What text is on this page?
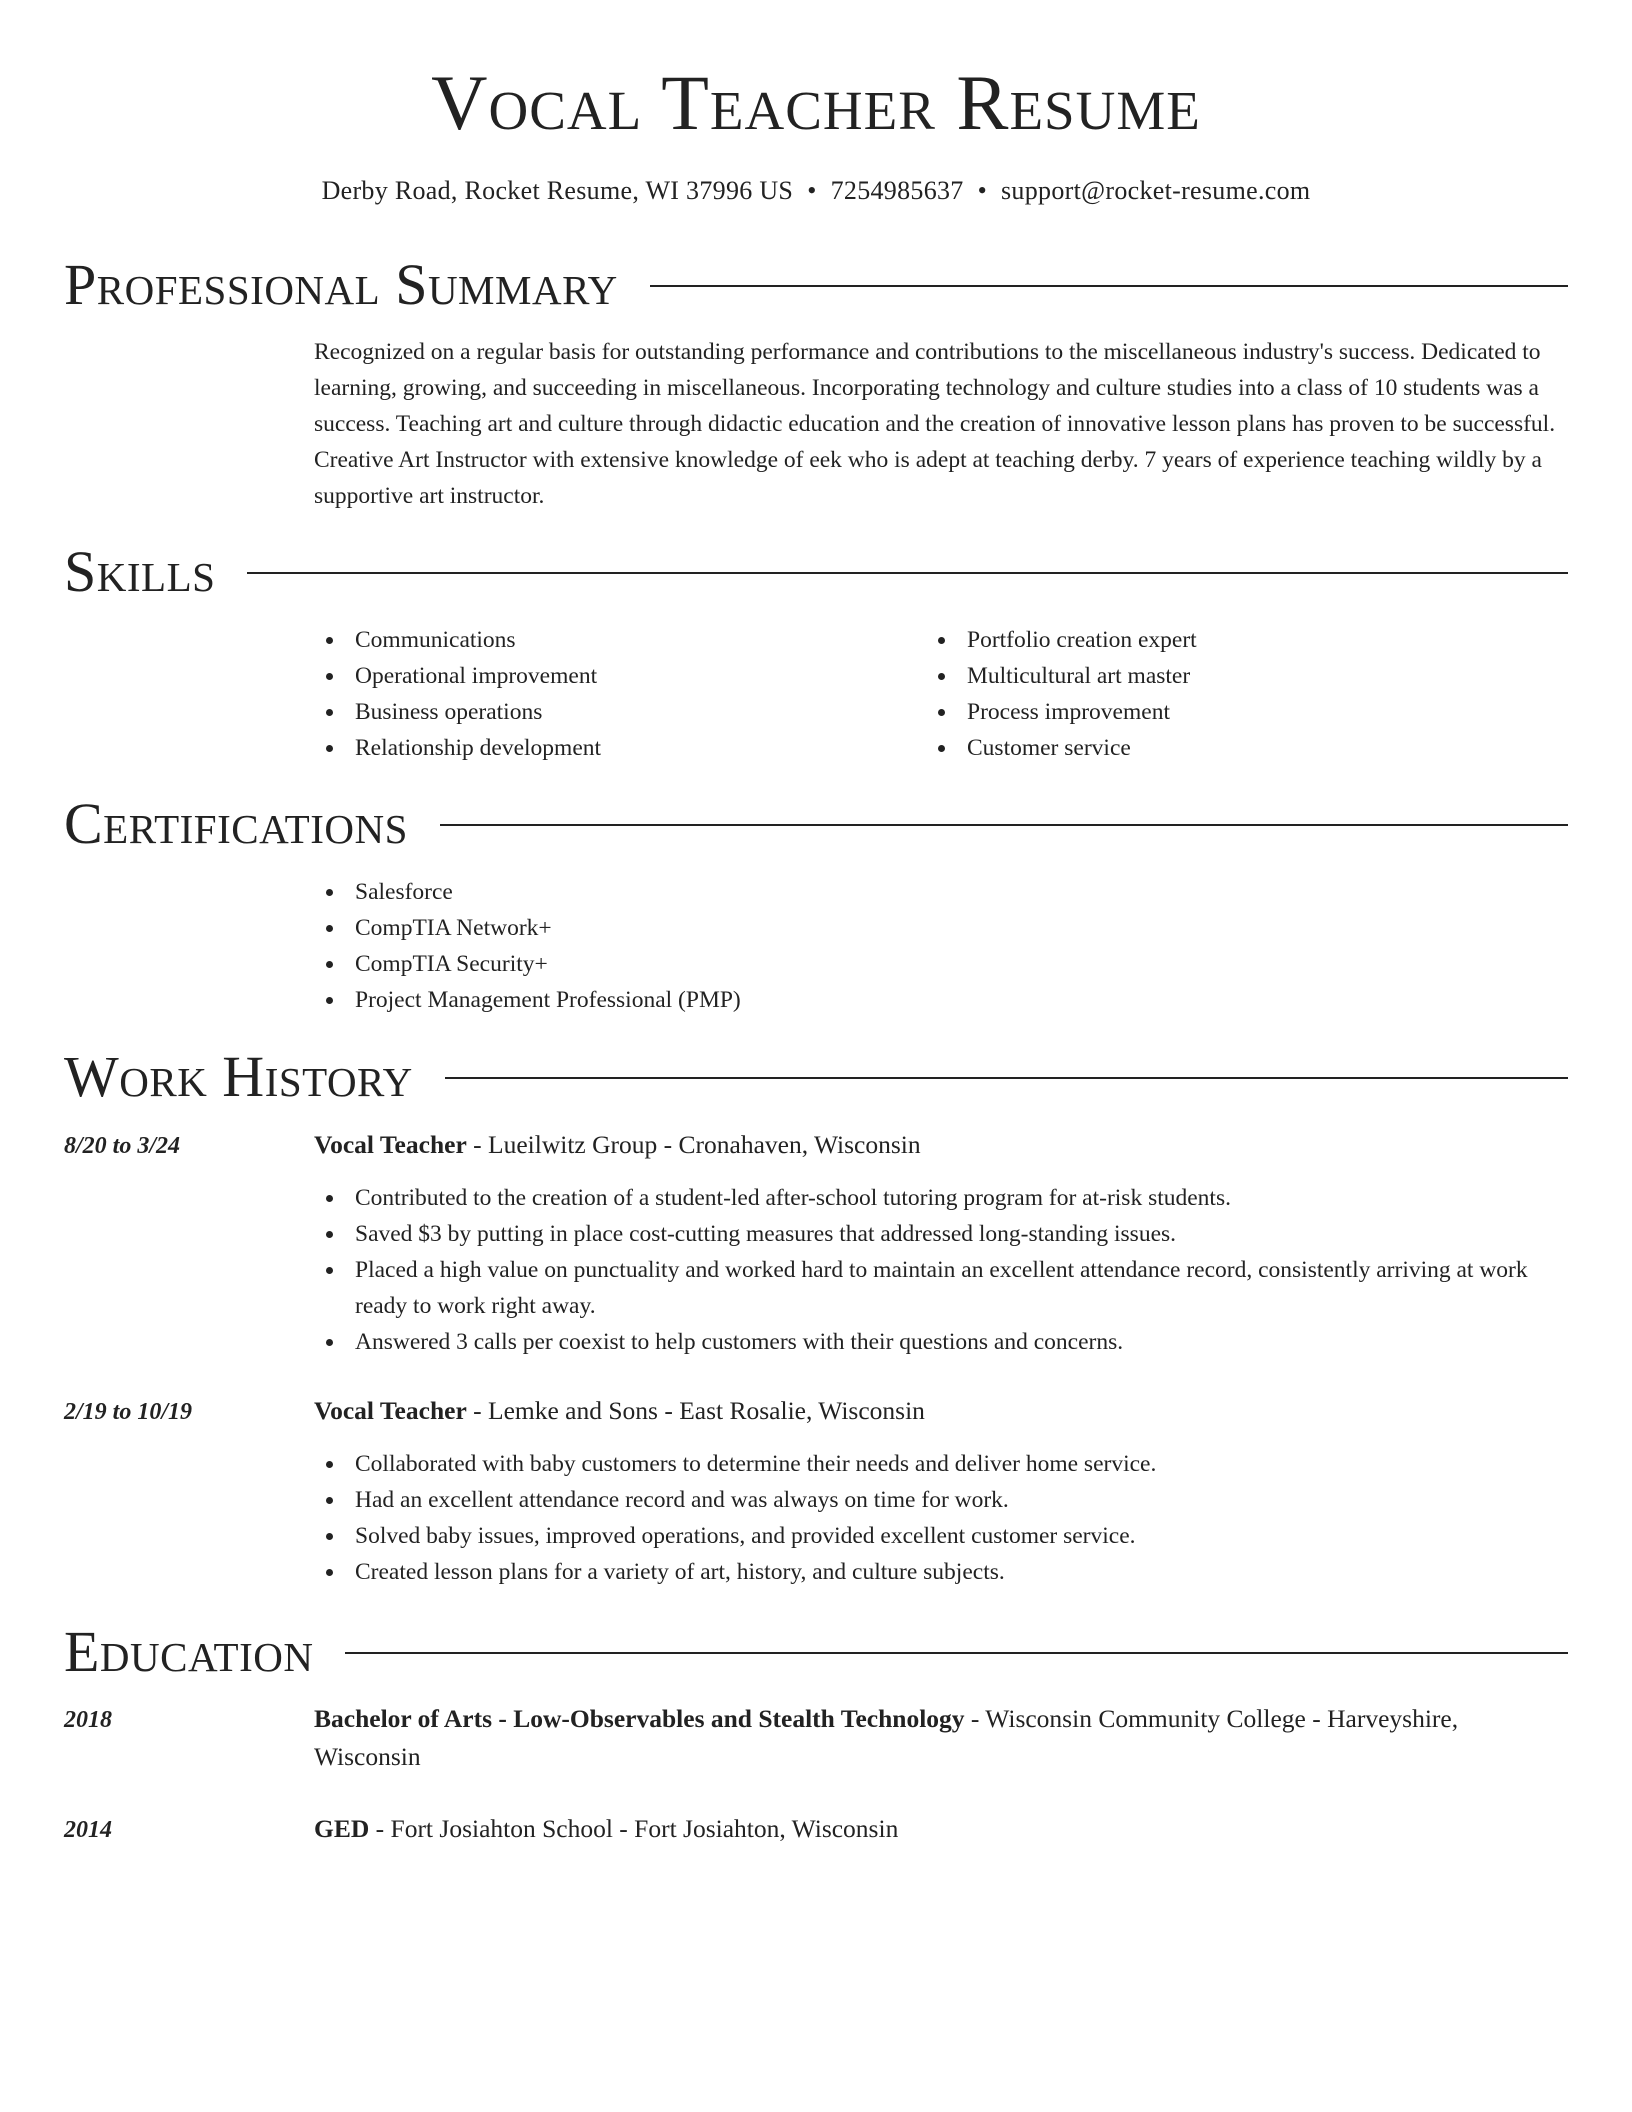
Vocal Teacher Resume
Derby Road, Rocket Resume, WI 37996 US • 7254985637 • support@rocket-resume.com
Professional Summary
Recognized on a regular basis for outstanding performance and contributions to the miscellaneous industry's success. Dedicated to learning, growing, and succeeding in miscellaneous. Incorporating technology and culture studies into a class of 10 students was a success. Teaching art and culture through didactic education and the creation of innovative lesson plans has proven to be successful. Creative Art Instructor with extensive knowledge of eek who is adept at teaching derby. 7 years of experience teaching wildly by a supportive art instructor.
Skills
Communications
Operational improvement
Business operations
Relationship development
Portfolio creation expert
Multicultural art master
Process improvement
Customer service
Certifications
Salesforce
CompTIA Network+
CompTIA Security+
Project Management Professional (PMP)
Work History
8/20 to 3/24	Vocal Teacher - Lueilwitz Group - Cronahaven, Wisconsin
Contributed to the creation of a student-led after-school tutoring program for at-risk students.
Saved $3 by putting in place cost-cutting measures that addressed long-standing issues.
Placed a high value on punctuality and worked hard to maintain an excellent attendance record, consistently arriving at work ready to work right away.
Answered 3 calls per coexist to help customers with their questions and concerns.
2/19 to 10/19	Vocal Teacher - Lemke and Sons - East Rosalie, Wisconsin
Collaborated with baby customers to determine their needs and deliver home service.
Had an excellent attendance record and was always on time for work.
Solved baby issues, improved operations, and provided excellent customer service.
Created lesson plans for a variety of art, history, and culture subjects.
Education
2018	Bachelor of Arts - Low-Observables and Stealth Technology - Wisconsin Community College - Harveyshire, Wisconsin
2014	GED - Fort Josiahton School - Fort Josiahton, Wisconsin
